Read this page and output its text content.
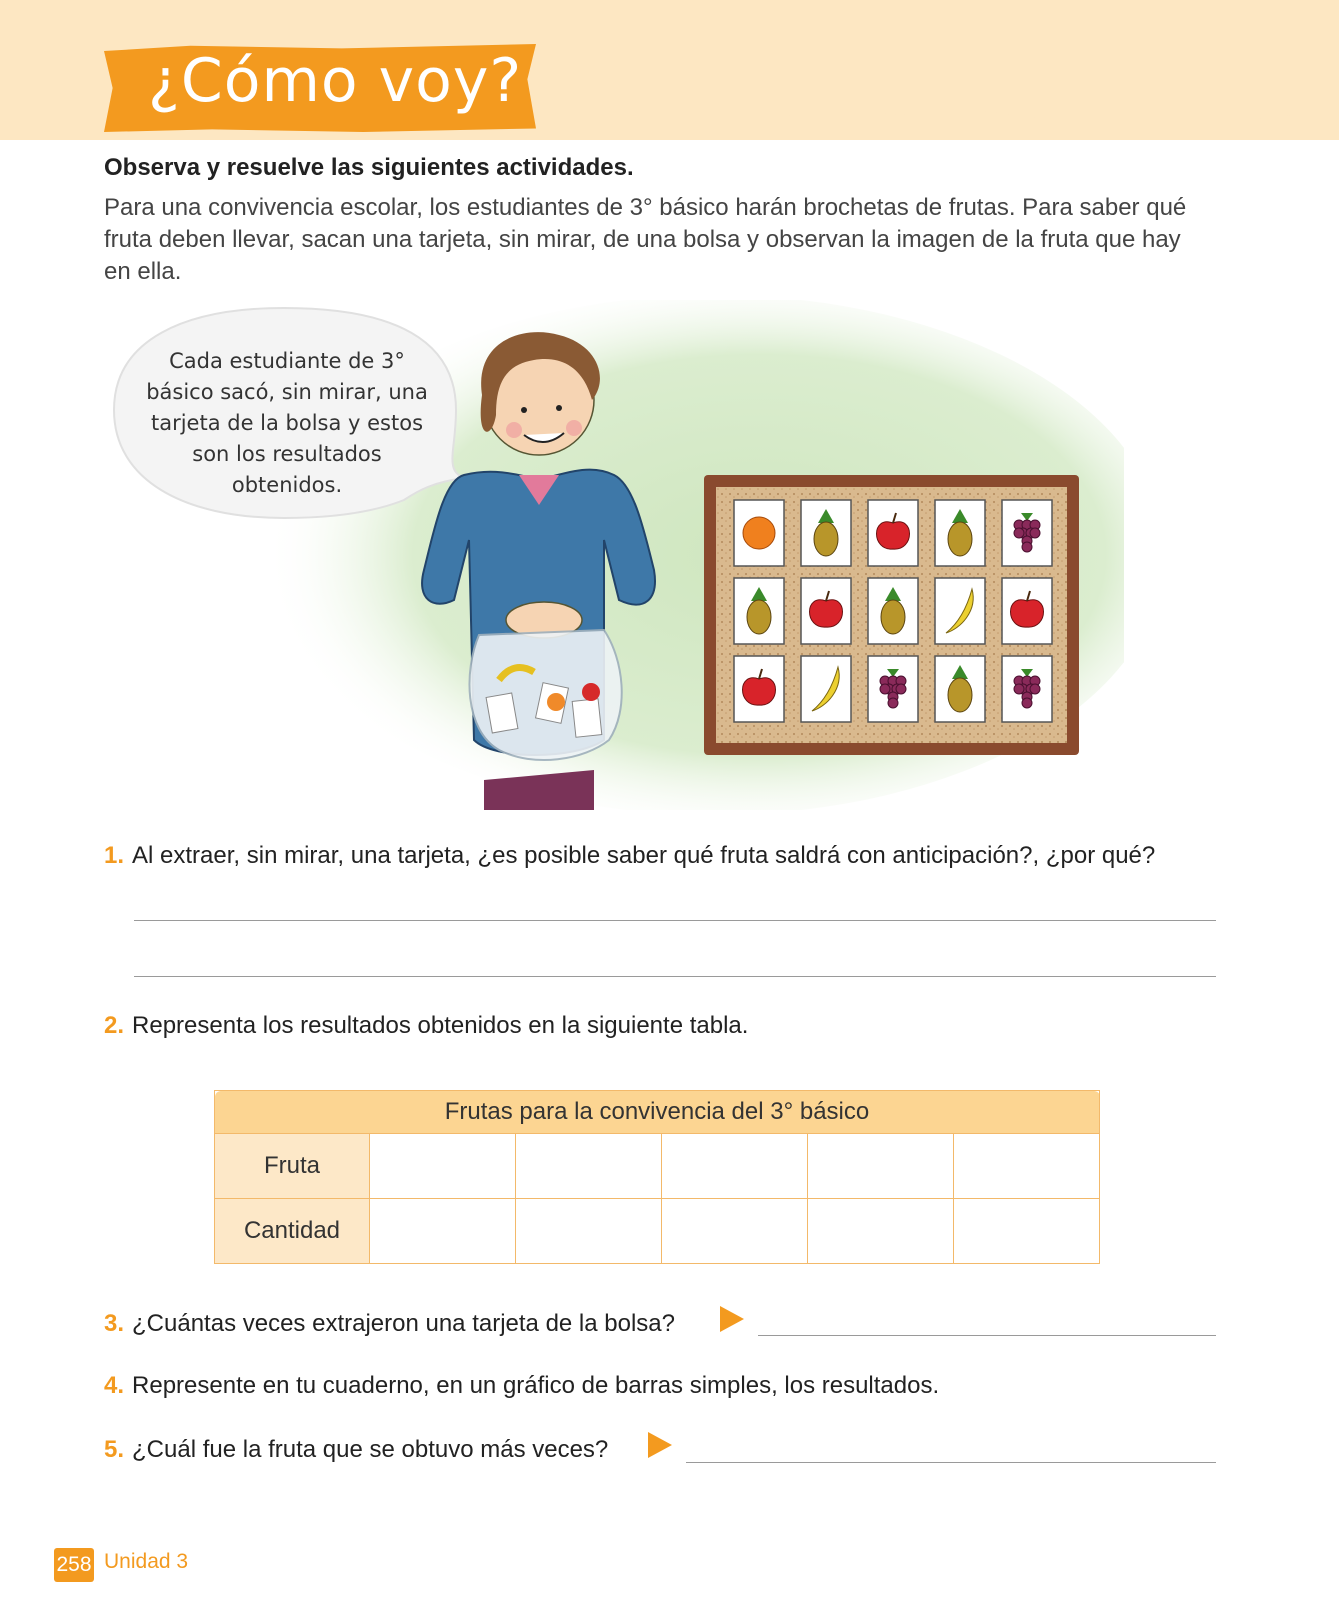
¿Cómo voy?
Observa y resuelve las siguientes actividades.
Para una convivencia escolar, los estudiantes de 3° básico harán brochetas de frutas. Para saber qué fruta deben llevar, sacan una tarjeta, sin mirar, de una bolsa y observan la imagen de la fruta que hay en ella.
Cada estudiante de 3° básico sacó, sin mirar, una tarjeta de la bolsa y estos son los resultados obtenidos.
1. Al extraer, sin mirar, una tarjeta, ¿es posible saber qué fruta saldrá con anticipación?, ¿por qué?
2. Representa los resultados obtenidos en la siguiente tabla.
Frutas para la convivencia del 3° básico					
Fruta					
Cantidad					
3. ¿Cuántas veces extrajeron una tarjeta de la bolsa?
4. Represente en tu cuaderno, en un gráfico de barras simples, los resultados.
5. ¿Cuál fue la fruta que se obtuvo más veces?
258 Unidad 3
